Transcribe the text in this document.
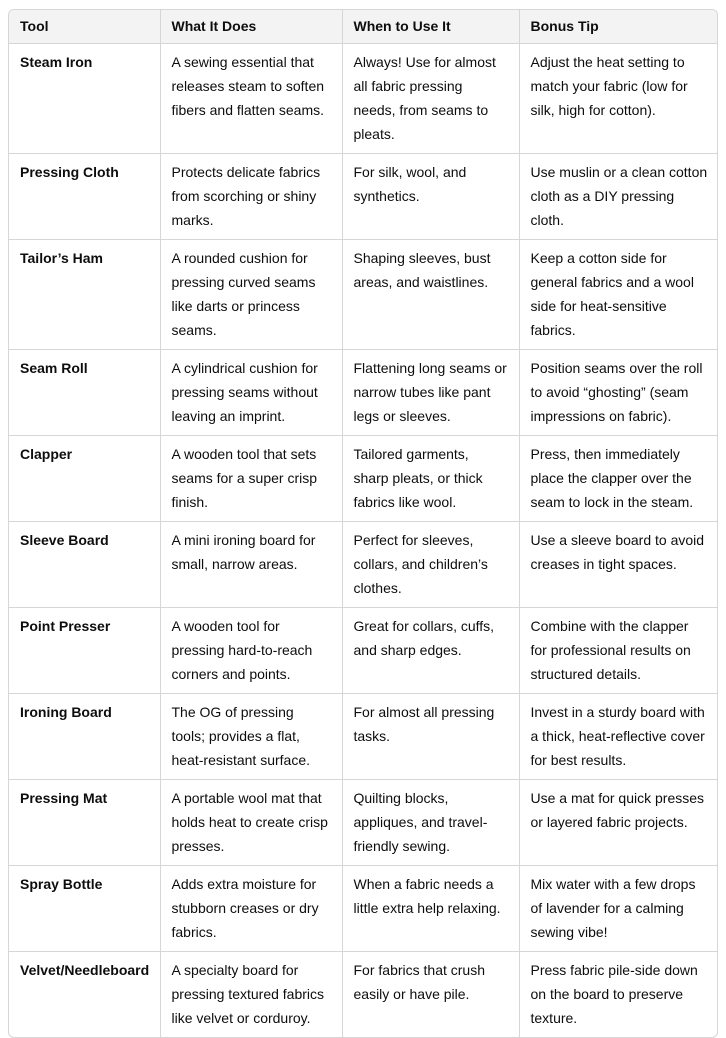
Tool	What It Does	When to Use It	Bonus Tip
Steam Iron	A sewing essential that releases steam to soften fibers and flatten seams.	Always! Use for almost all fabric pressing needs, from seams to pleats.	Adjust the heat setting to match your fabric (low for silk, high for cotton).
Pressing Cloth	Protects delicate fabrics from scorching or shiny marks.	For silk, wool, and synthetics.	Use muslin or a clean cotton cloth as a DIY pressing cloth.
Tailor’s Ham	A rounded cushion for pressing curved seams like darts or princess seams.	Shaping sleeves, bust areas, and waistlines.	Keep a cotton side for general fabrics and a wool side for heat-sensitive fabrics.
Seam Roll	A cylindrical cushion for pressing seams without leaving an imprint.	Flattening long seams or narrow tubes like pant legs or sleeves.	Position seams over the roll to avoid “ghosting” (seam impressions on fabric).
Clapper	A wooden tool that sets seams for a super crisp finish.	Tailored garments, sharp pleats, or thick fabrics like wool.	Press, then immediately place the clapper over the seam to lock in the steam.
Sleeve Board	A mini ironing board for small, narrow areas.	Perfect for sleeves, collars, and children’s clothes.	Use a sleeve board to avoid creases in tight spaces.
Point Presser	A wooden tool for pressing hard-to-reach corners and points.	Great for collars, cuffs, and sharp edges.	Combine with the clapper for professional results on structured details.
Ironing Board	The OG of pressing tools; provides a flat, heat-resistant surface.	For almost all pressing tasks.	Invest in a sturdy board with a thick, heat-reflective cover for best results.
Pressing Mat	A portable wool mat that holds heat to create crisp presses.	Quilting blocks, appliques, and travel-friendly sewing.	Use a mat for quick presses or layered fabric projects.
Spray Bottle	Adds extra moisture for stubborn creases or dry fabrics.	When a fabric needs a little extra help relaxing.	Mix water with a few drops of lavender for a calming sewing vibe!
Velvet/Needleboard	A specialty board for pressing textured fabrics like velvet or corduroy.	For fabrics that crush easily or have pile.	Press fabric pile-side down on the board to preserve texture.
